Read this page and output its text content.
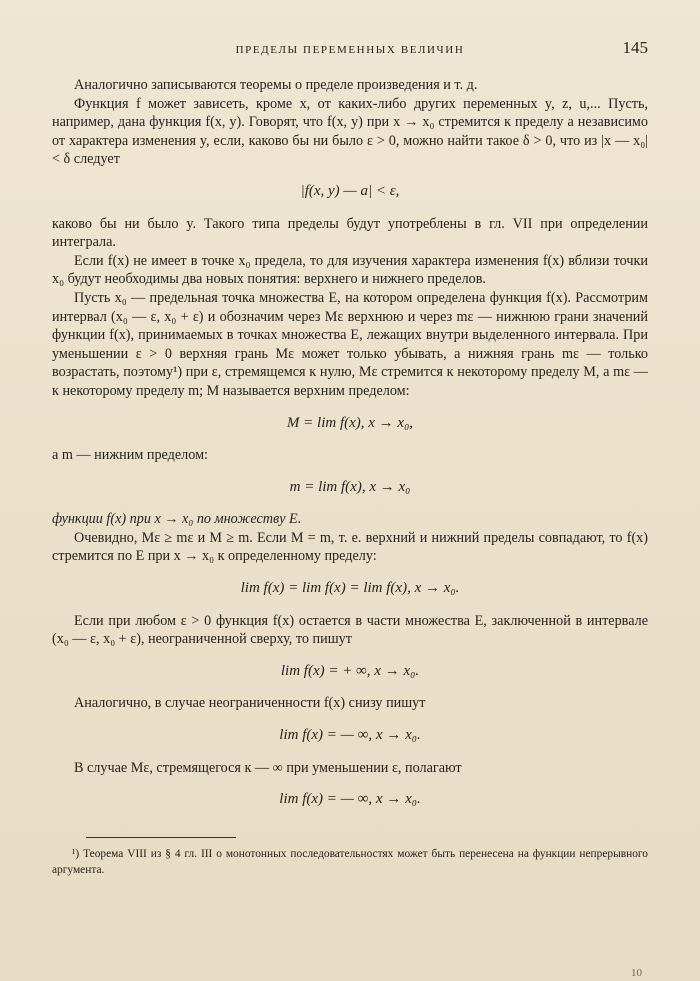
ПРЕДЕЛЫ ПЕРЕМЕННЫХ ВЕЛИЧИН	145

Аналогично записываются теоремы о пределе произведения и т. д.

Функция f может зависеть, кроме x, от каких-либо других переменных y, z, u,... Пусть, например, дана функция f(x, y). Говорят, что f(x, y) при x → x₀ стремится к пределу a независимо от характера изменения y, если, каково бы ни было ε > 0, можно найти такое δ > 0, что из |x — x₀| < δ следует

|f(x, y) — a| < ε,

каково бы ни было y. Такого типа пределы будут употреблены в гл. VII при определении интеграла.

Если f(x) не имеет в точке x₀ предела, то для изучения характера изменения f(x) вблизи точки x₀ будут необходимы два новых понятия: верхнего и нижнего пределов.

Пусть x₀ — предельная точка множества E, на котором определена функция f(x). Рассмотрим интервал (x₀ — ε, x₀ + ε) и обозначим через Mε верхнюю и через mε — нижнюю грани значений функции f(x), принимаемых в точках множества E, лежащих внутри выделенного интервала. При уменьшении ε > 0 верхняя грань Mε может только убывать, а нижняя грань mε — только возрастать, поэтому¹) при ε, стремящемся к нулю, Mε стремится к некоторому пределу M, а mε — к некоторому пределу m; M называется верхним пределом:

M = lim f(x), x → x₀,

а m — нижним пределом:

m = lim f(x), x → x₀

функции f(x) при x → x₀ по множеству E.

Очевидно, Mε ≥ mε и M ≥ m. Если M = m, т. е. верхний и нижний пределы совпадают, то f(x) стремится по E при x → x₀ к определенному пределу:

lim f(x) = lim f(x) = lim f(x), x → x₀.

Если при любом ε > 0 функция f(x) остается в части множества E, заключенной в интервале (x₀ — ε, x₀ + ε), неограниченной сверху, то пишут

lim f(x) = + ∞, x → x₀.

Аналогично, в случае неограниченности f(x) снизу пишут

lim f(x) = — ∞, x → x₀.

В случае Mε, стремящегося к — ∞ при уменьшении ε, полагают

lim f(x) = — ∞, x → x₀.

¹) Теорема VIII из § 4 гл. III о монотонных последовательностях может быть перенесена на функции непрерывного аргумента.

10
